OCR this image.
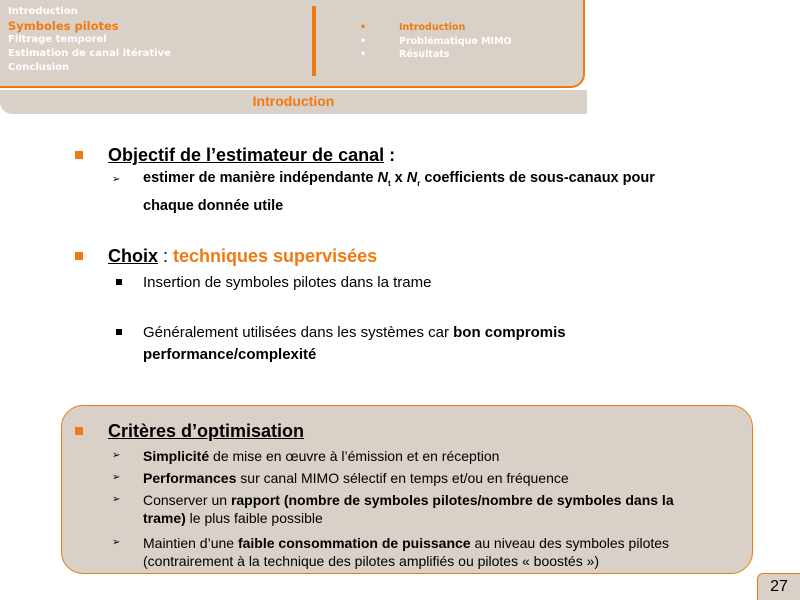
Introduction
Symboles pilotes
Filtrage temporel
Estimation de canal itérative
Conclusion
•	Introduction
•	Problématique MIMO
•	Résultats
Introduction
Objectif de l’estimateur de canal :
➢ estimer de manière indépendante $N_t$ x $N_r$ coefficients de sous-canaux pour
chaque donnée utile
Choix : techniques supervisées
Insertion de symboles pilotes dans la trame
Généralement utilisées dans les systèmes car bon compromis
performance/complexité
Critères d’optimisation
➢ Simplicité de mise en œuvre à l’émission et en réception
➢ Performances sur canal MIMO sélectif en temps et/ou en fréquence
➢ Conserver un rapport (nombre de symboles pilotes/nombre de symboles dans la
trame) le plus faible possible
➢ Maintien d’une faible consommation de puissance au niveau des symboles pilotes
(contrairement à la technique des pilotes amplifiés ou pilotes « boostés »)
27
